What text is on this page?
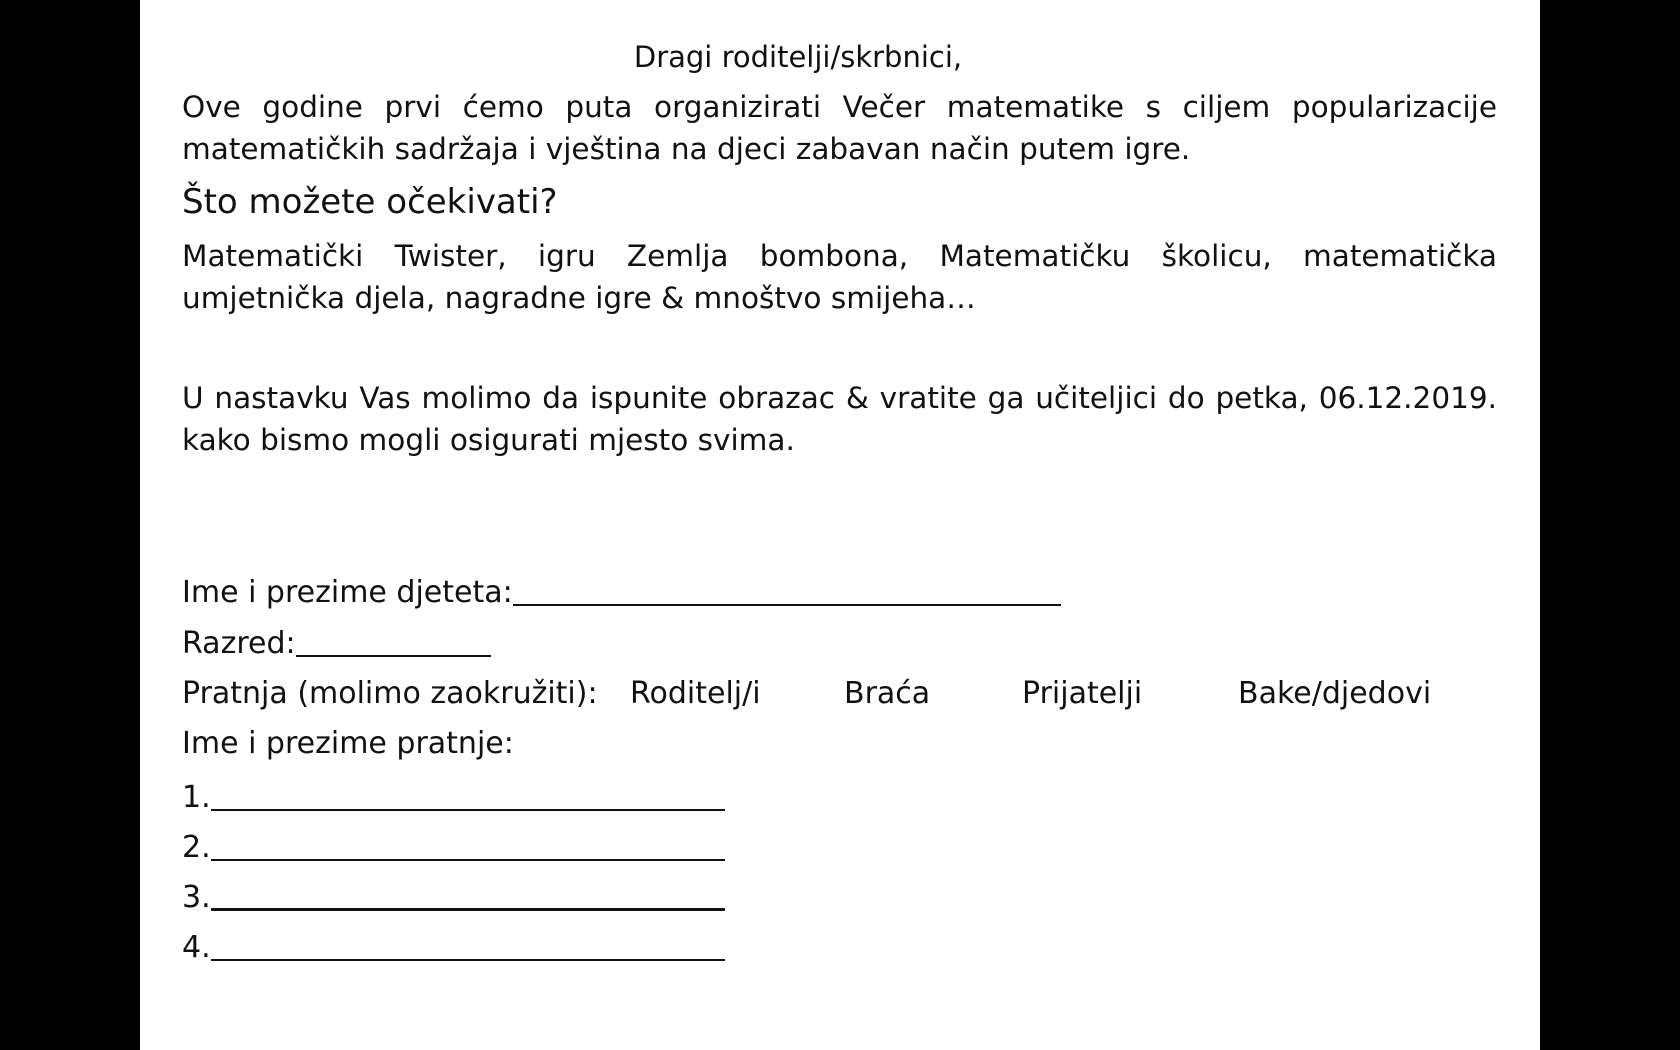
Dragi roditelji/skrbnici,
Ove godine prvi ćemo puta organizirati Večer matematike s ciljem popularizacije matematičkih sadržaja i vještina na djeci zabavan način putem igre.
Što možete očekivati?
Matematički Twister, igru Zemlja bombona, Matematičku školicu, matematička umjetnička djela, nagradne igre & mnoštvo smijeha…
U nastavku Vas molimo da ispunite obrazac & vratite ga učiteljici do petka, 06.12.2019. kako bismo mogli osigurati mjesto svima.
Ime i prezime djeteta:
Razred:
Pratnja (molimo zaokružiti): Roditelj/i	Braća	Prijatelji	Bake/djedovi
Ime i prezime pratnje:
1.
2.
3.
4.
